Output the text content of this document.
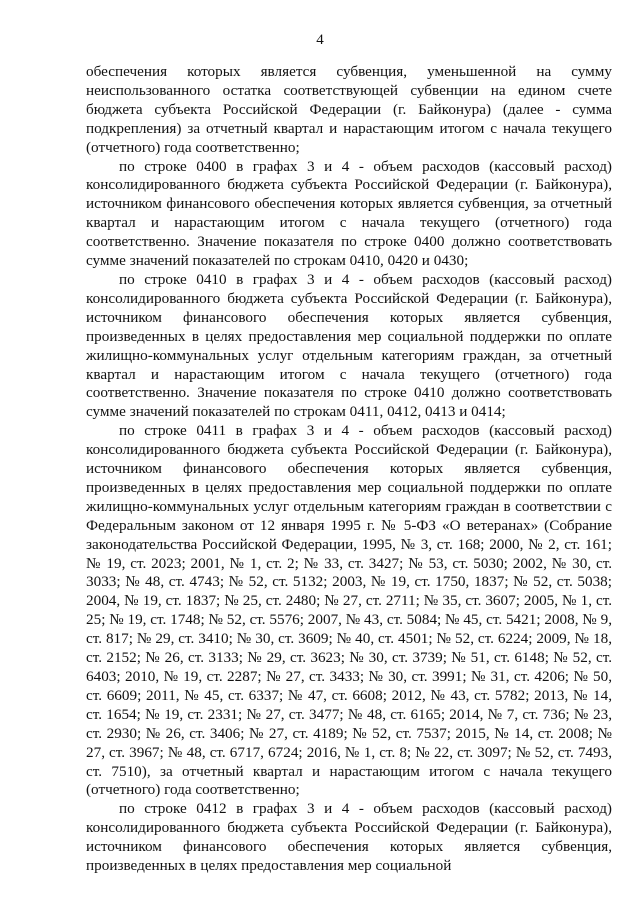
4

обеспечения которых является субвенция, уменьшенной на сумму неиспользованного остатка соответствующей субвенции на едином счете бюджета субъекта Российской Федерации (г. Байконура) (далее - сумма подкрепления) за отчетный квартал и нарастающим итогом с начала текущего (отчетного) года соответственно;

по строке 0400 в графах 3 и 4 - объем расходов (кассовый расход) консолидированного бюджета субъекта Российской Федерации (г. Байконура), источником финансового обеспечения которых является субвенция, за отчетный квартал и нарастающим итогом с начала текущего (отчетного) года соответственно. Значение показателя по строке 0400 должно соответствовать сумме значений показателей по строкам 0410, 0420 и 0430;

по строке 0410 в графах 3 и 4 - объем расходов (кассовый расход) консолидированного бюджета субъекта Российской Федерации (г. Байконура), источником финансового обеспечения которых является субвенция, произведенных в целях предоставления мер социальной поддержки по оплате жилищно-коммунальных услуг отдельным категориям граждан, за отчетный квартал и нарастающим итогом с начала текущего (отчетного) года соответственно. Значение показателя по строке 0410 должно соответствовать сумме значений показателей по строкам 0411, 0412, 0413 и 0414;

по строке 0411 в графах 3 и 4 - объем расходов (кассовый расход) консолидированного бюджета субъекта Российской Федерации (г. Байконура), источником финансового обеспечения которых является субвенция, произведенных в целях предоставления мер социальной поддержки по оплате жилищно-коммунальных услуг отдельным категориям граждан в соответствии с Федеральным законом от 12 января 1995 г. № 5-ФЗ «О ветеранах» (Собрание законодательства Российской Федерации, 1995, № 3, ст. 168; 2000, № 2, ст. 161; № 19, ст. 2023; 2001, № 1, ст. 2; № 33, ст. 3427; № 53, ст. 5030; 2002, № 30, ст. 3033; № 48, ст. 4743; № 52, ст. 5132; 2003, № 19, ст. 1750, 1837; № 52, ст. 5038; 2004, № 19, ст. 1837; № 25, ст. 2480; № 27, ст. 2711; № 35, ст. 3607; 2005, № 1, ст. 25; № 19, ст. 1748; № 52, ст. 5576; 2007, № 43, ст. 5084; № 45, ст. 5421; 2008, № 9, ст. 817; № 29, ст. 3410; № 30, ст. 3609; № 40, ст. 4501; № 52, ст. 6224; 2009, № 18, ст. 2152; № 26, ст. 3133; № 29, ст. 3623; № 30, ст. 3739; № 51, ст. 6148; № 52, ст. 6403; 2010, № 19, ст. 2287; № 27, ст. 3433; № 30, ст. 3991; № 31, ст. 4206; № 50, ст. 6609; 2011, № 45, ст. 6337; № 47, ст. 6608; 2012, № 43, ст. 5782; 2013, № 14, ст. 1654; № 19, ст. 2331; № 27, ст. 3477; № 48, ст. 6165; 2014, № 7, ст. 736; № 23, ст. 2930; № 26, ст. 3406; № 27, ст. 4189; № 52, ст. 7537; 2015, № 14, ст. 2008; № 27, ст. 3967; № 48, ст. 6717, 6724; 2016, № 1, ст. 8; № 22, ст. 3097; № 52, ст. 7493, ст. 7510), за отчетный квартал и нарастающим итогом с начала текущего (отчетного) года соответственно;

по строке 0412 в графах 3 и 4 - объем расходов (кассовый расход) консолидированного бюджета субъекта Российской Федерации (г. Байконура), источником финансового обеспечения которых является субвенция, произведенных в целях предоставления мер социальной
